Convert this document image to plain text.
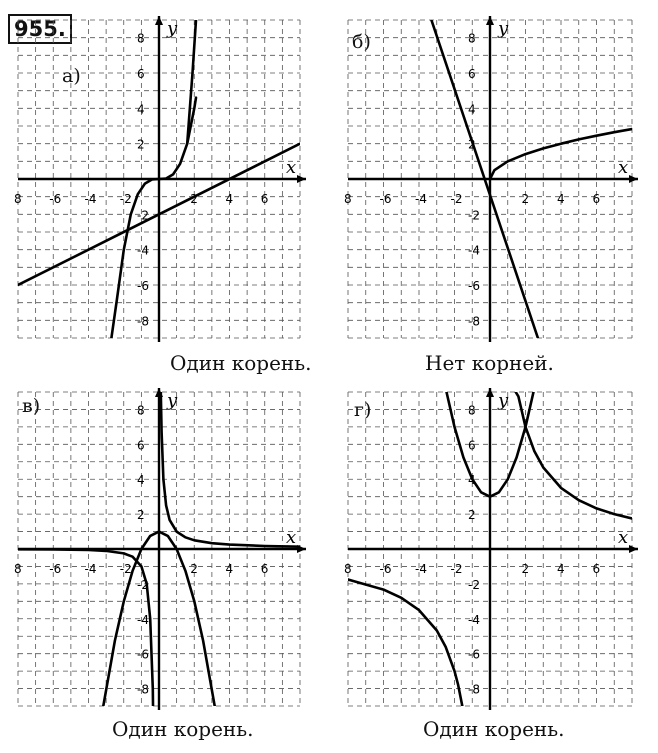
955.
x
y
8 -6 -4 -2	2 4 6
8
6
4
2
-2
-4
-6
-8
x
y
8 -6 -4 -2	2 4 6
8
6
4
2
-2
-4
-6
-8
x
y
8 -6 -4 -2	2 4 6
8
6
4
2
-2
-4
-6
-8
x
y
8 -6 -4 -2	2 4 6
8
6
4
2
-2
-4
-6
-8
а)
Один корень.
б)
Нет корней.
в)
Один корень.
г)
Один корень.
